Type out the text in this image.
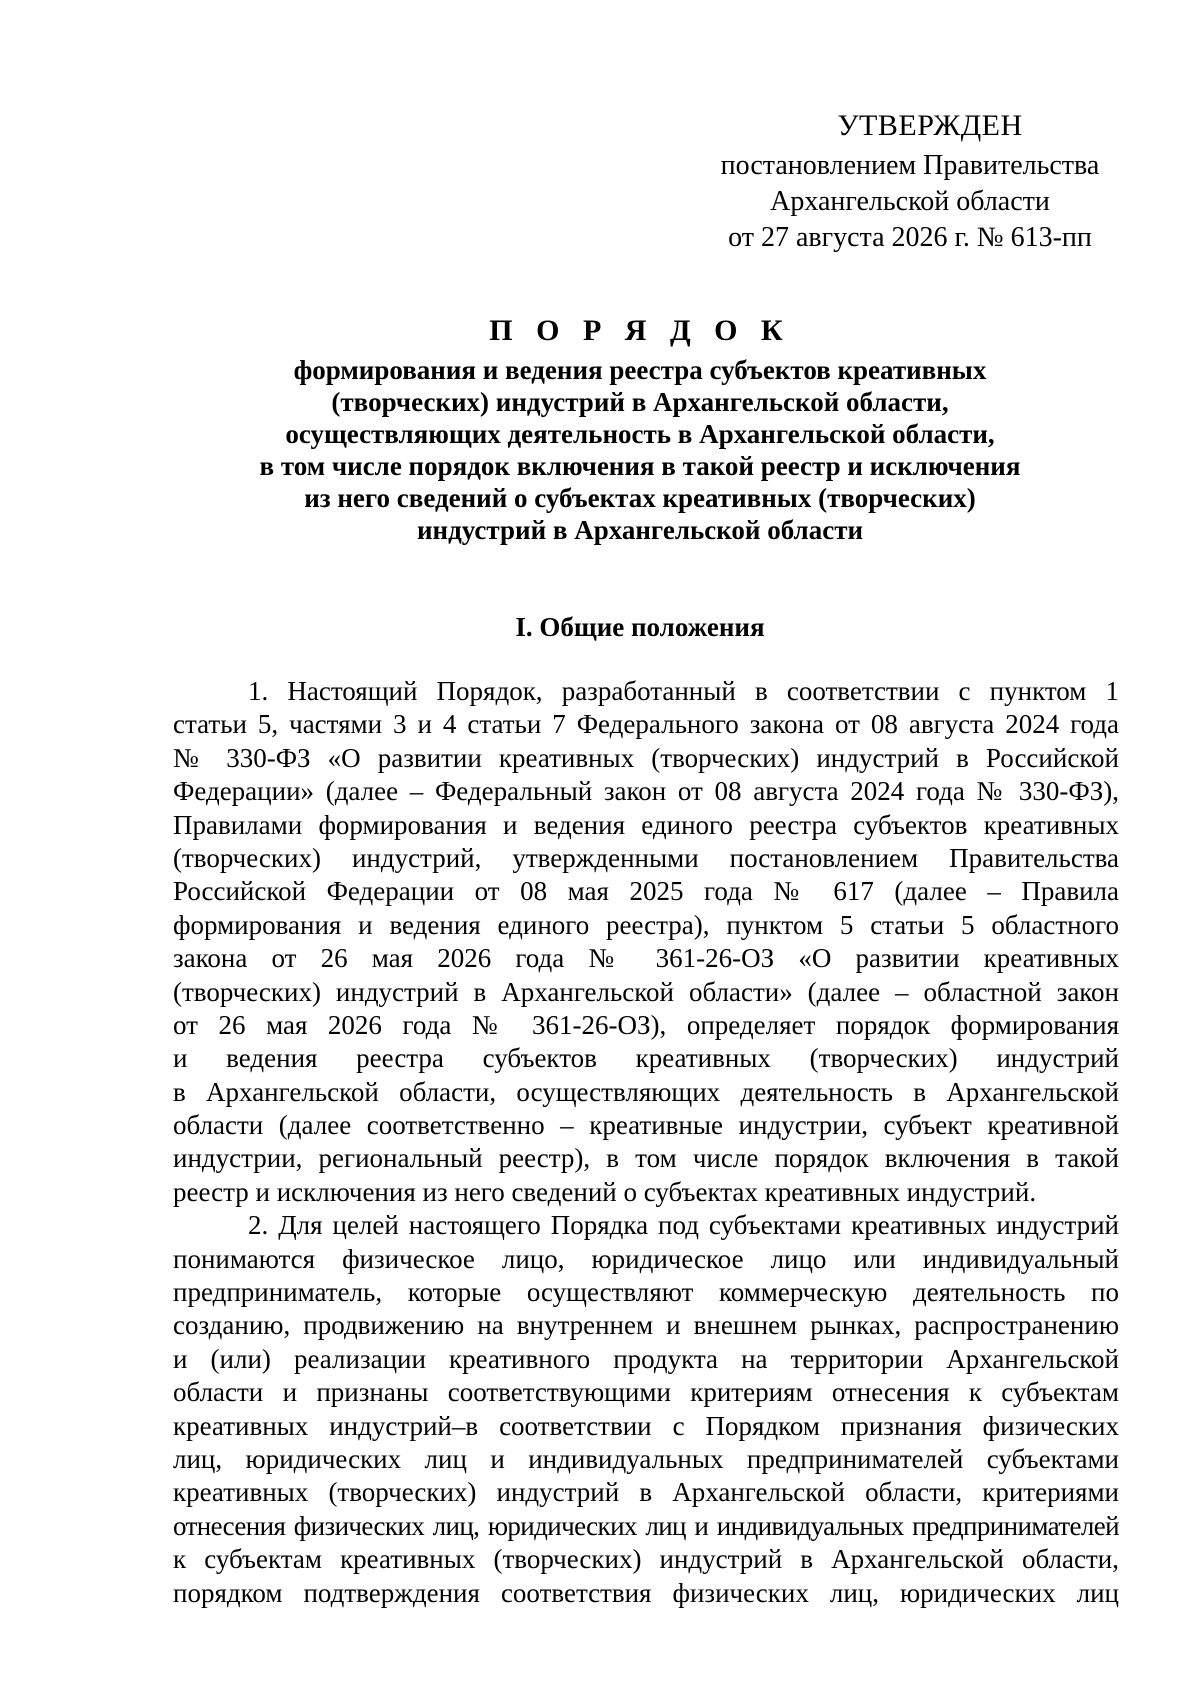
УТВЕРЖДЕН
постановлением Правительства
Архангельской области
от 27 августа 2026 г. № 613-пп
П О Р Я Д О К
формирования и ведения реестра субъектов креативных
(творческих) индустрий в Архангельской области,
осуществляющих деятельность в Архангельской области,
в том числе порядок включения в такой реестр и исключения
из него сведений о субъектах креативных (творческих)
индустрий в Архангельской области
I. Общие положения
1. Настоящий Порядок, разработанный в соответствии с пунктом 1
статьи 5, частями 3 и 4 статьи 7 Федерального закона от 08 августа 2024 года
№ 330-ФЗ «О развитии креативных (творческих) индустрий в Российской
Федерации» (далее – Федеральный закон от 08 августа 2024 года № 330-ФЗ),
Правилами формирования и ведения единого реестра субъектов креативных
(творческих) индустрий, утвержденными постановлением Правительства
Российской Федерации от 08 мая 2025 года № 617 (далее – Правила
формирования и ведения единого реестра), пунктом 5 статьи 5 областного
закона от 26 мая 2026 года № 361-26-ОЗ «О развитии креативных
(творческих) индустрий в Архангельской области» (далее – областной закон
от 26 мая 2026 года № 361-26-ОЗ), определяет порядок формирования
и ведения реестра субъектов креативных (творческих) индустрий
в Архангельской области, осуществляющих деятельность в Архангельской
области (далее соответственно – креативные индустрии, субъект креативной
индустрии, региональный реестр), в том числе порядок включения в такой
реестр и исключения из него сведений о субъектах креативных индустрий.
2. Для целей настоящего Порядка под субъектами креативных индустрий
понимаются физическое лицо, юридическое лицо или индивидуальный
предприниматель, которые осуществляют коммерческую деятельность по
созданию, продвижению на внутреннем и внешнем рынках, распространению
и (или) реализации креативного продукта на территории Архангельской
области и признаны соответствующими критериям отнесения к субъектам
креативных индустрий–в соответствии с Порядком признания физических
лиц, юридических лиц и индивидуальных предпринимателей субъектами
креативных (творческих) индустрий в Архангельской области, критериями
отнесения физических лиц, юридических лиц и индивидуальных предпринимателей
к субъектам креативных (творческих) индустрий в Архангельской области,
порядком подтверждения соответствия физических лиц, юридических лиц
